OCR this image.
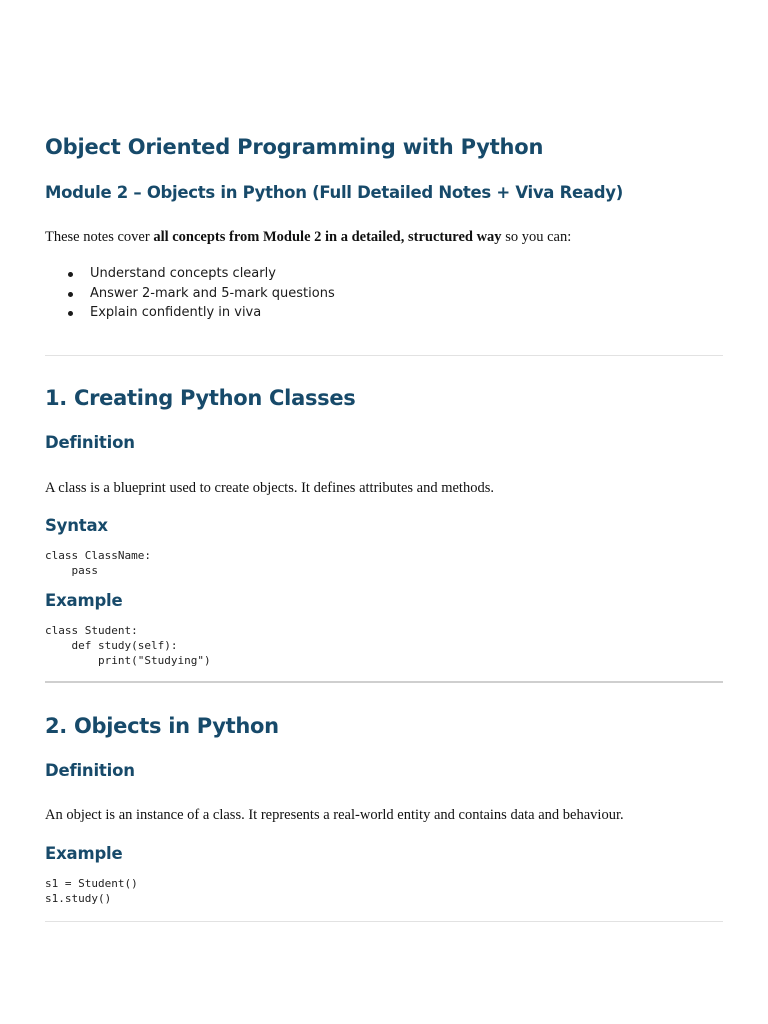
Object Oriented Programming with Python
Module 2 – Objects in Python (Full Detailed Notes + Viva Ready)

These notes cover all concepts from Module 2 in a detailed, structured way so you can:

Understand concepts clearly
Answer 2-mark and 5-mark questions
Explain confidently in viva
1. Creating Python Classes
Definition

A class is a blueprint used to create objects. It defines attributes and methods.

Syntax
class ClassName:
pass
Example
class Student:
def study(self):
print("Studying")
2. Objects in Python
Definition

An object is an instance of a class. It represents a real-world entity and contains data and behaviour.

Example
s1 = Student()
s1.study()
